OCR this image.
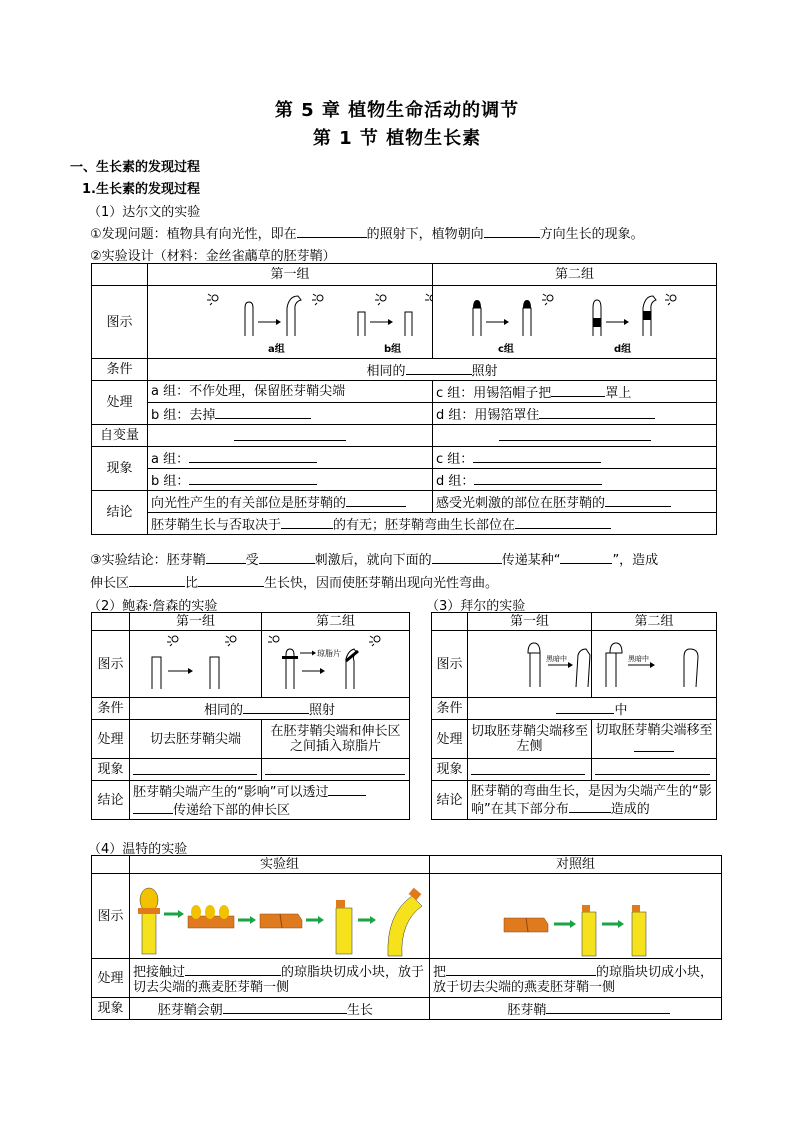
第 5 章 植物生命活动的调节
第 1 节 植物生长素
一、生长素的发现过程
1.生长素的发现过程
（1）达尔文的实验
①发现问题：植物具有向光性，即在	的照射下，植物朝向	方向生长的现象。
②实验设计（材料：金丝雀虉草的胚芽鞘）
	第一组	第二组
图示	a组 b组	c组 d组

条件	相同的 照射	
处理	a 组：不作处理，保留胚芽鞘尖端	c 组：用锡箔帽子把 罩上
	b 组：去掉	d 组：用锡箔罩住
自变量		
现象	a 组：	c 组：
	b 组：	d 组：
结论	向光性产生的有关部位是胚芽鞘的	感受光刺激的部位在胚芽鞘的
	胚芽鞘生长与否取决于 的有无；胚芽鞘弯曲生长部位在	
③实验结论：胚芽鞘	受	刺激后，就向下面的	传递某种“	”，造成
伸长区	比	生长快，因而使胚芽鞘出现向光性弯曲。
（2）鲍森·詹森的实验
	第一组	第二组
图示		琼脂片

条件	相同的 照射	
处理	切去胚芽鞘尖端	在胚芽鞘尖端和伸长区之间插入琼脂片
现象		
结论	胚芽鞘尖端产生的“影响”可以透过
传递给下部的伸长区	
（3）拜尔的实验
	第一组	第二组
图示	黑暗中	黑暗中

条件	中	
处理	切取胚芽鞘尖端移至左侧	切取胚芽鞘尖端移至
现象		
结论	胚芽鞘的弯曲生长，是因为尖端产生的“影响”在其下部分布 造成的	
（4）温特的实验
	实验组	对照组
图示	

处理	把接触过 的琼脂块切成小块，放于切去尖端的燕麦胚芽鞘一侧	把 的琼脂块切成小块，放于切去尖端的燕麦胚芽鞘一侧
现象	胚芽鞘会朝 生长	胚芽鞘
